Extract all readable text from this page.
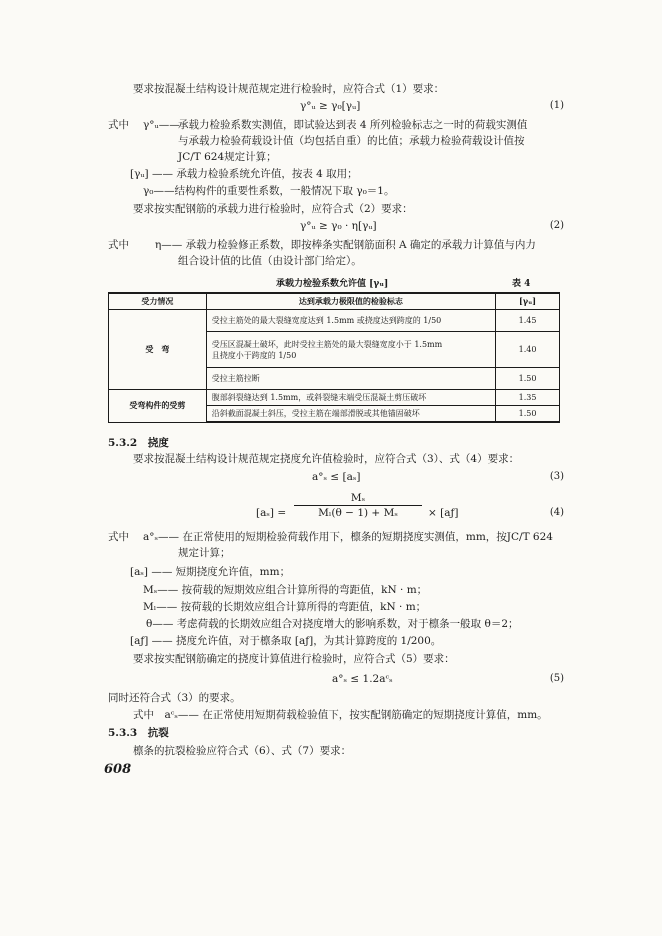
要求按混凝土结构设计规范规定进行检验时，应符合式（1）要求：
γ°ᵤ ≥ γ₀[γᵤ]	(1)
式中 γ°ᵤ——
承载力检验系数实测值，即试验达到表 4 所列检验标志之一时的荷载实测值
与承载力检验荷载设计值（均包括自重）的比值；承载力检验荷载设计值按
JC/T 624规定计算；
[γᵤ] —— 承载力检验系统允许值，按表 4 取用；
γ₀——结构构件的重要性系数，一般情况下取 γ₀＝1。
要求按实配钢筋的承载力进行检验时，应符合式（2）要求：
γ°ᵤ ≥ γ₀ · η[γᵤ]	(2)
式中 η—— 承载力检验修正系数，即按棒条实配钢筋面积 A 确定的承载力计算值与内力
组合设计值的比值（由设计部门给定）。
承载力检验系数允许值 [γᵤ]	表 4
受力情况	达到承载力极限值的检验标志	[γᵤ]
受　弯	受拉主筋处的最大裂缝宽度达到 1.5mm 或挠度达到跨度的 1/50	1.45
	受压区混凝土破坏，此时受拉主筋处的最大裂缝宽度小于 1.5mm
且挠度小于跨度的 1/50	1.40
	受拉主筋拉断	1.50
受弯构件的受剪	腹部斜裂缝达到 1.5mm，或斜裂缝末端受压混凝土剪压破坏	1.35
	沿斜截面混凝土斜压，受拉主筋在端部滑脱或其他锚固破坏	1.50
5.3.2　挠度
要求按混凝土结构设计规范规定挠度允许值检验时，应符合式（3）、式（4）要求：
a°ₛ ≤ [aₛ]	(3)
$[a_s] = \frac{\text{Mₛ}}{\text{Mₗ(θ − 1) + Mₛ}}$ × [aƒ]	(4)
式中 a°ₛ—— 在正常使用的短期检验荷载作用下，檩条的短期挠度实测值，mm，按JC/T 624
规定计算；
[aₛ] —— 短期挠度允许值，mm；
Mₛ—— 按荷载的短期效应组合计算所得的弯距值，kN · m；
Mₗ—— 按荷载的长期效应组合计算所得的弯距值，kN · m；
θ—— 考虑荷载的长期效应组合对挠度增大的影响系数，对于檩条一般取 θ＝2；
[aƒ] —— 挠度允许值，对于檩条取 [aƒ]，为其计算跨度的 1/200。
要求按实配钢筋确定的挠度计算值进行检验时，应符合式（5）要求：
a°ₛ ≤ 1.2aᶜₛ	(5)
同时还符合式（3）的要求。
式中　aᶜₛ—— 在正常使用短期荷载检验值下，按实配钢筋确定的短期挠度计算值，mm。
5.3.3　抗裂
檩条的抗裂检验应符合式（6）、式（7）要求：
608
